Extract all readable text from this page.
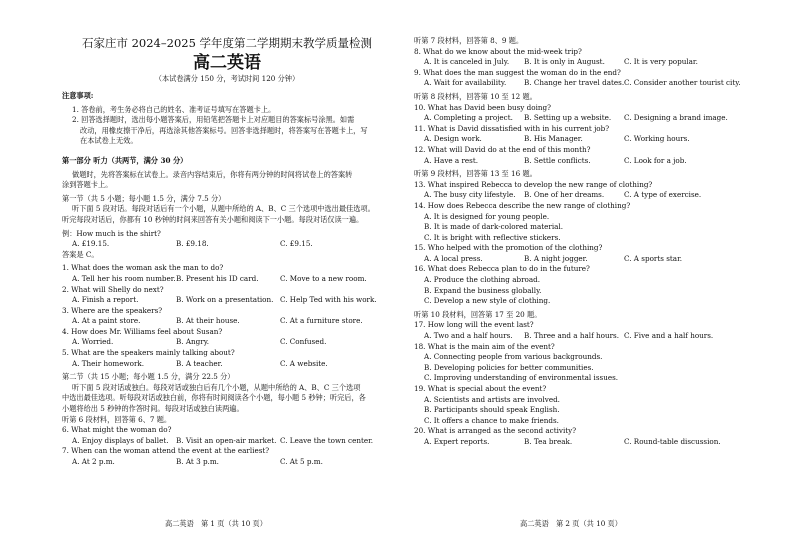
石家庄市 2024–2025 学年度第二学期期末教学质量检测
高二英语
（本试卷满分 150 分，考试时间 120 分钟）
注意事项:
1. 答卷前，考生务必将自己的姓名、准考证号填写在答题卡上。
2. 回答选择题时，选出每小题答案后，用铅笔把答题卡上对应题目的答案标号涂黑。如需
改动，用橡皮擦干净后，再选涂其他答案标号。回答非选择题时，将答案写在答题卡上，写
在本试卷上无效。
第一部分 听力（共两节，满分 30 分）
做题时，先将答案标在试卷上。录音内容结束后，你将有两分钟的时间将试卷上的答案转
涂到答题卡上。
第一节（共 5 小题；每小题 1.5 分，满分 7.5 分）
听下面 5 段对话。每段对话后有一个小题，从题中所给的 A、B、C 三个选项中选出最佳选项。
听完每段对话后，你都有 10 秒钟的时间来回答有关小题和阅读下一小题。每段对话仅读一遍。
例：How much is the shirt?
A. £19.15.	B. £9.18.	C. £9.15.
答案是 C。
1. What does the woman ask the man to do?
A. Tell her his room number. B. Present his ID card.	C. Move to a new room.
2. What will Shelly do next?
A. Finish a report.	B. Work on a presentation. C. Help Ted with his work.
3. Where are the speakers?
A. At a paint store.	B. At their house.	C. At a furniture store.
4. How does Mr. Williams feel about Susan?
A. Worried.	B. Angry.	C. Confused.
5. What are the speakers mainly talking about?
A. Their homework.	B. A teacher.	C. A website.
第二节（共 15 小题；每小题 1.5 分，满分 22.5 分）
听下面 5 段对话或独白。每段对话或独白后有几个小题，从题中所给的 A、B、C 三个选项
中选出最佳选项。听每段对话或独白前，你将有时间阅读各个小题，每小题 5 秒钟；听完后，各
小题将给出 5 秒钟的作答时间。每段对话或独白读两遍。
听第 6 段材料，回答第 6、7 题。
6. What might the woman do?
A. Enjoy displays of ballet.	B. Visit an open-air market. C. Leave the town center.
7. When can the woman attend the event at the earliest?
A. At 2 p.m.	B. At 3 p.m.	C. At 5 p.m.
听第 7 段材料，回答第 8、9 题。
8. What do we know about the mid-week trip?
A. It is canceled in July.	B. It is only in August.	C. It is very popular.
9. What does the man suggest the woman do in the end?
A. Wait for availability.	B. Change her travel dates. C. Consider another tourist city.
听第 8 段材料，回答第 10 至 12 题。
10. What has David been busy doing?
A. Completing a project.	B. Setting up a website.	C. Designing a brand image.
11. What is David dissatisfied with in his current job?
A. Design work.	B. His Manager.	C. Working hours.
12. What will David do at the end of this month?
A. Have a rest.	B. Settle conflicts.	C. Look for a job.
听第 9 段材料，回答第 13 至 16 题。
13. What inspired Rebecca to develop the new range of clothing?
A. The busy city lifestyle.	B. One of her dreams.	C. A type of exercise.
14. How does Rebecca describe the new range of clothing?
A. It is designed for young people.
B. It is made of dark-colored material.
C. It is bright with reflective stickers.
15. Who helped with the promotion of the clothing?
A. A local press.	B. A night jogger.	C. A sports star.
16. What does Rebecca plan to do in the future?
A. Produce the clothing abroad.
B. Expand the business globally.
C. Develop a new style of clothing.
听第 10 段材料，回答第 17 至 20 题。
17. How long will the event last?
A. Two and a half hours.	B. Three and a half hours. C. Five and a half hours.
18. What is the main aim of the event?
A. Connecting people from various backgrounds.
B. Developing policies for better communities.
C. Improving understanding of environmental issues.
19. What is special about the event?
A. Scientists and artists are involved.
B. Participants should speak English.
C. It offers a chance to make friends.
20. What is arranged as the second activity?
A. Expert reports.	B. Tea break.	C. Round-table discussion.
高二英语　第 1 页（共 10 页）	高二英语　第 2 页（共 10 页）
